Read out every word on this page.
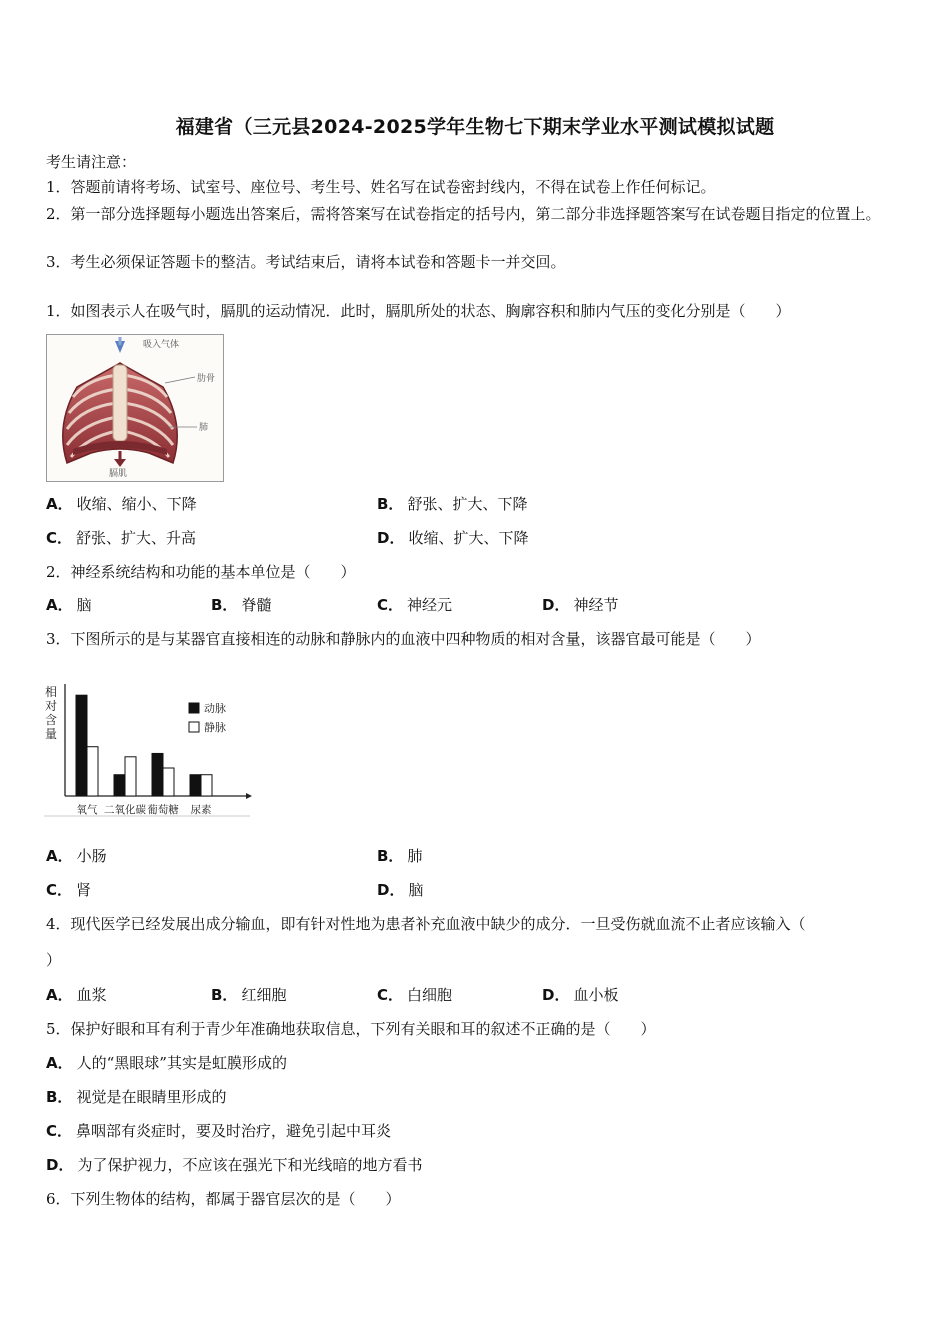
福建省（三元县2024-2025学年生物七下期末学业水平测试模拟试题
考生请注意：
1．答题前请将考场、试室号、座位号、考生号、姓名写在试卷密封线内，不得在试卷上作任何标记。
2．第一部分选择题每小题选出答案后，需将答案写在试卷指定的括号内，第二部分非选择题答案写在试卷题目指定的位置上。
3．考生必须保证答题卡的整洁。考试结束后，请将本试卷和答题卡一并交回。
1．如图表示人在吸气时，膈肌的运动情况．此时，膈肌所处的状态、胸廓容积和肺内气压的变化分别是（　　）
吸入气体
肋骨
肺
膈肌
A． 收缩、缩小、下降	B． 舒张、扩大、下降
C． 舒张、扩大、升高	D． 收缩、扩大、下降
2．神经系统结构和功能的基本单位是（　　）
A． 脑	B． 脊髓	C． 神经元	D． 神经节
3．下图所示的是与某器官直接相连的动脉和静脉内的血液中四种物质的相对含量，该器官最可能是（　　）
相
对
含
量
氧气 二氧化碳 葡萄糖 尿素
动脉
静脉
A． 小肠	B． 肺
C． 肾	D． 脑
4．现代医学已经发展出成分输血，即有针对性地为患者补充血液中缺少的成分．一旦受伤就血流不止者应该输入（
）
A． 血浆	B． 红细胞	C． 白细胞	D． 血小板
5．保护好眼和耳有利于青少年准确地获取信息，下列有关眼和耳的叙述不正确的是（　　）
A． 人的“黑眼球”其实是虹膜形成的
B． 视觉是在眼睛里形成的
C． 鼻咽部有炎症时，要及时治疗，避免引起中耳炎
D． 为了保护视力，不应该在强光下和光线暗的地方看书
6．下列生物体的结构，都属于器官层次的是（　　）
